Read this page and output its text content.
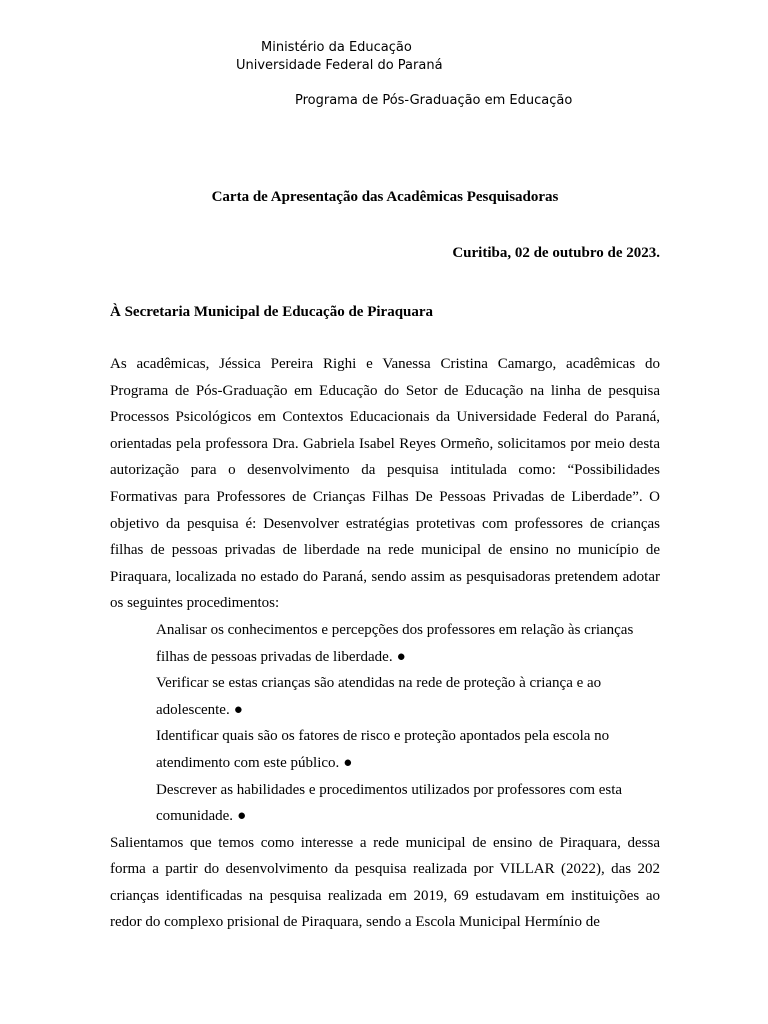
Ministério da Educação
Universidade Federal do Paraná
Programa de Pós-Graduação em Educação
Carta de Apresentação das Acadêmicas Pesquisadoras
Curitiba, 02 de outubro de 2023.
À Secretaria Municipal de Educação de Piraquara

As acadêmicas, Jéssica Pereira Righi e Vanessa Cristina Camargo, acadêmicas do Programa de Pós-Graduação em Educação do Setor de Educação na linha de pesquisa Processos Psicológicos em Contextos Educacionais da Universidade Federal do Paraná, orientadas pela professora Dra. Gabriela Isabel Reyes Ormeño, solicitamos por meio desta autorização para o desenvolvimento da pesquisa intitulada como: “Possibilidades Formativas para Professores de Crianças Filhas De Pessoas Privadas de Liberdade”. O objetivo da pesquisa é: Desenvolver estratégias protetivas com professores de crianças filhas de pessoas privadas de liberdade na rede municipal de ensino no município de Piraquara, localizada no estado do Paraná, sendo assim as pesquisadoras pretendem adotar os seguintes procedimentos:

Analisar os conhecimentos e percepções dos professores em relação às crianças filhas de pessoas privadas de liberdade. ●
Verificar se estas crianças são atendidas na rede de proteção à criança e ao adolescente. ●
Identificar quais são os fatores de risco e proteção apontados pela escola no atendimento com este público. ●
Descrever as habilidades e procedimentos utilizados por professores com esta comunidade. ●

Salientamos que temos como interesse a rede municipal de ensino de Piraquara, dessa forma a partir do desenvolvimento da pesquisa realizada por VILLAR (2022), das 202 crianças identificadas na pesquisa realizada em 2019, 69 estudavam em instituições ao redor do complexo prisional de Piraquara, sendo a Escola Municipal Hermínio de
